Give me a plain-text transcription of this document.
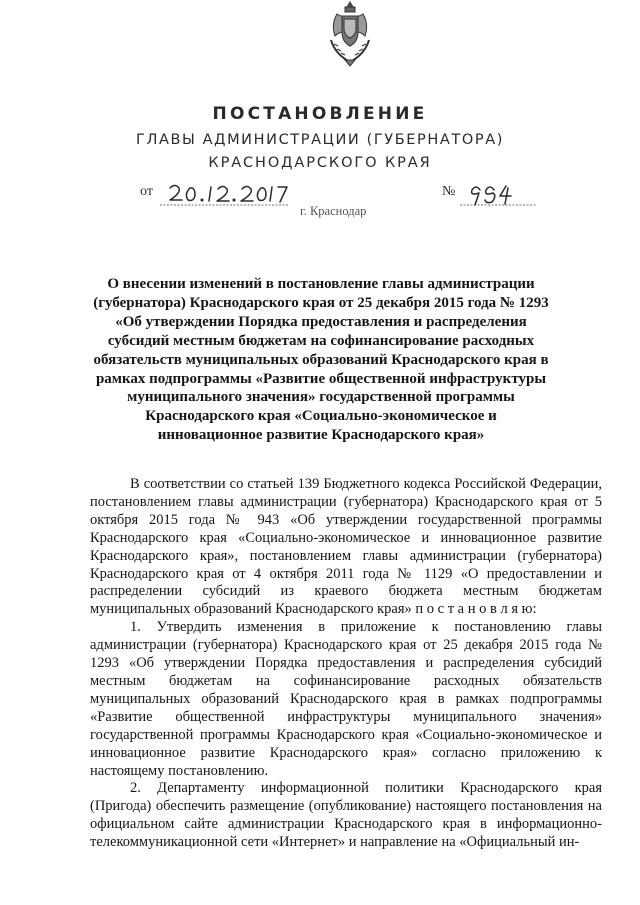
ПОСТАНОВЛЕНИЕ
ГЛАВЫ АДМИНИСТРАЦИИ (ГУБЕРНАТОРА)
КРАСНОДАРСКОГО КРАЯ
от	№
г. Краснодар

О внесении изменений в постановление главы администрации (губернатора) Краснодарского края от 25 декабря 2015 года № 1293 «Об утверждении Порядка предоставления и распределения субсидий местным бюджетам на софинансирование расходных обязательств муниципальных образований Краснодарского края в рамках подпрограммы «Развитие общественной инфраструктуры муниципального значения» государственной программы Краснодарского края «Социально-экономическое и инновационное развитие Краснодарского края»

В соответствии со статьей 139 Бюджетного кодекса Российской Федерации, постановлением главы администрации (губернатора) Краснодарского края от 5 октября 2015 года № 943 «Об утверждении государственной программы Краснодарского края «Социально-экономическое и инновационное развитие Краснодарского края», постановлением главы администрации (губернатора) Краснодарского края от 4 октября 2011 года № 1129 «О предоставлении и распределении субсидий из краевого бюджета местным бюджетам муниципальных образований Краснодарского края» п о с т а н о в л я ю:

1. Утвердить изменения в приложение к постановлению главы администрации (губернатора) Краснодарского края от 25 декабря 2015 года № 1293 «Об утверждении Порядка предоставления и распределения субсидий местным бюджетам на софинансирование расходных обязательств муниципальных образований Краснодарского края в рамках подпрограммы «Развитие общественной инфраструктуры муниципального значения» государственной программы Краснодарского края «Социально-экономическое и инновационное развитие Краснодарского края» согласно приложению к настоящему постановлению.

2. Департаменту информационной политики Краснодарского края (Пригода) обеспечить размещение (опубликование) настоящего постановления на официальном сайте администрации Краснодарского края в информационно-телекоммуникационной сети «Интернет» и направление на «Официальный ин-
